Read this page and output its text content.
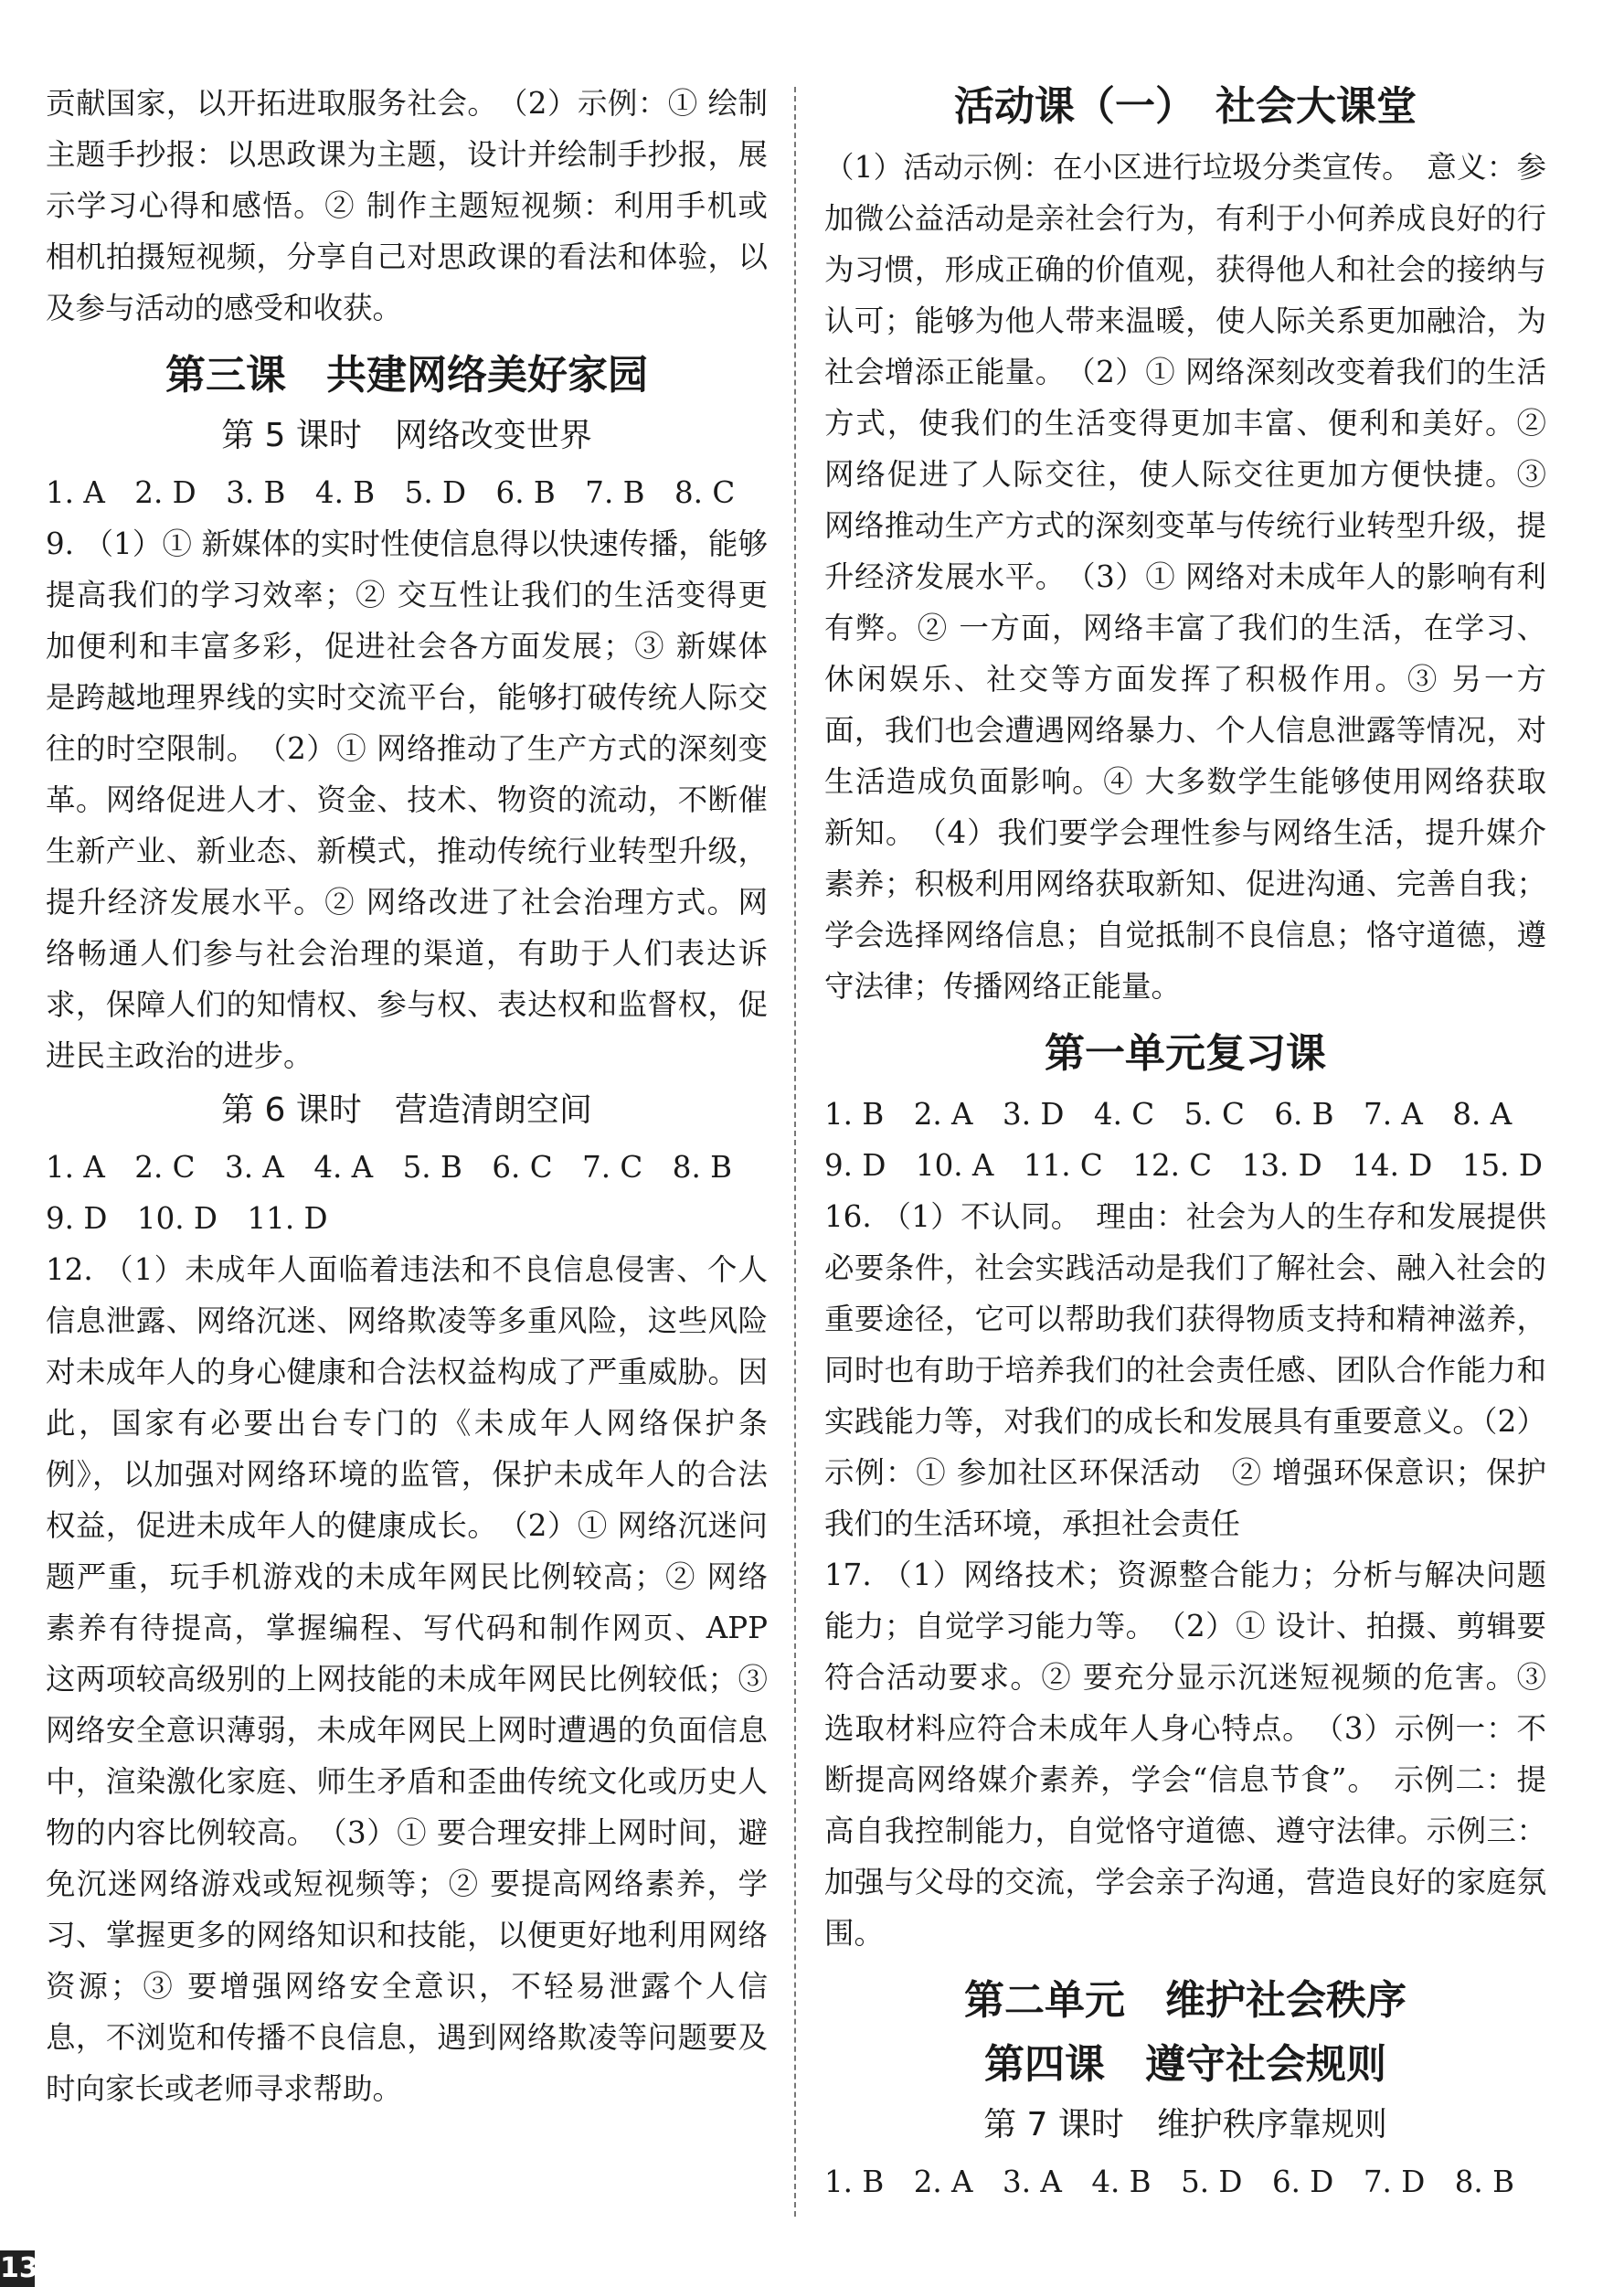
贡献国家，以开拓进取服务社会。　（2）示例：① 绘制主题手抄报：以思政课为主题，设计并绘制手抄报，展示学习心得和感悟。② 制作主题短视频：利用手机或相机拍摄短视频，分享自己对思政课的看法和体验，以及参与活动的感受和收获。

第三课　共建网络美好家园
第 5 课时　网络改变世界

1. A　2. D　3. B　4. B　5. D　6. B　7. B　8. C

9. （1）① 新媒体的实时性使信息得以快速传播，能够提高我们的学习效率；② 交互性让我们的生活变得更加便利和丰富多彩，促进社会各方面发展；③ 新媒体是跨越地理界线的实时交流平台，能够打破传统人际交往的时空限制。　（2）① 网络推动了生产方式的深刻变革。网络促进人才、资金、技术、物资的流动，不断催生新产业、新业态、新模式，推动传统行业转型升级，提升经济发展水平。② 网络改进了社会治理方式。网络畅通人们参与社会治理的渠道，有助于人们表达诉求，保障人们的知情权、参与权、表达权和监督权，促进民主政治的进步。

第 6 课时　营造清朗空间

1. A　2. C　3. A　4. A　5. B　6. C　7. C　8. B

9. D　10. D　11. D

12. （1）未成年人面临着违法和不良信息侵害、个人信息泄露、网络沉迷、网络欺凌等多重风险，这些风险对未成年人的身心健康和合法权益构成了严重威胁。因此，国家有必要出台专门的《未成年人网络保护条例》，以加强对网络环境的监管，保护未成年人的合法权益，促进未成年人的健康成长。　（2）① 网络沉迷问题严重，玩手机游戏的未成年网民比例较高；② 网络素养有待提高，掌握编程、写代码和制作网页、APP 这两项较高级别的上网技能的未成年网民比例较低；③ 网络安全意识薄弱，未成年网民上网时遭遇的负面信息中，渲染激化家庭、师生矛盾和歪曲传统文化或历史人物的内容比例较高。　（3）① 要合理安排上网时间，避免沉迷网络游戏或短视频等；② 要提高网络素养，学习、掌握更多的网络知识和技能，以便更好地利用网络资源；③ 要增强网络安全意识，不轻易泄露个人信息，不浏览和传播不良信息，遇到网络欺凌等问题要及时向家长或老师寻求帮助。

活动课（一）　社会大课堂

（1）活动示例：在小区进行垃圾分类宣传。　意义：参加微公益活动是亲社会行为，有利于小何养成良好的行为习惯，形成正确的价值观，获得他人和社会的接纳与认可；能够为他人带来温暖，使人际关系更加融洽，为社会增添正能量。　（2）① 网络深刻改变着我们的生活方式，使我们的生活变得更加丰富、便利和美好。② 网络促进了人际交往，使人际交往更加方便快捷。③ 网络推动生产方式的深刻变革与传统行业转型升级，提升经济发展水平。　（3）① 网络对未成年人的影响有利有弊。② 一方面，网络丰富了我们的生活，在学习、休闲娱乐、社交等方面发挥了积极作用。③ 另一方面，我们也会遭遇网络暴力、个人信息泄露等情况，对生活造成负面影响。④ 大多数学生能够使用网络获取新知。　（4）我们要学会理性参与网络生活，提升媒介素养；积极利用网络获取新知、促进沟通、完善自我；学会选择网络信息；自觉抵制不良信息；恪守道德，遵守法律；传播网络正能量。

第一单元复习课

1. B　2. A　3. D　4. C　5. C　6. B　7. A　8. A

9. D　10. A　11. C　12. C　13. D　14. D　15. D

16. （1）不认同。　理由：社会为人的生存和发展提供必要条件，社会实践活动是我们了解社会、融入社会的重要途径，它可以帮助我们获得物质支持和精神滋养，同时也有助于培养我们的社会责任感、团队合作能力和实践能力等，对我们的成长和发展具有重要意义。（2）示例：① 参加社区环保活动　② 增强环保意识；保护我们的生活环境，承担社会责任

17. （1）网络技术；资源整合能力；分析与解决问题能力；自觉学习能力等。　（2）① 设计、拍摄、剪辑要符合活动要求。② 要充分显示沉迷短视频的危害。③ 选取材料应符合未成年人身心特点。　（3）示例一：不断提高网络媒介素养，学会“信息节食”。　示例二：提高自我控制能力，自觉恪守道德、遵守法律。示例三：加强与父母的交流，学会亲子沟通，营造良好的家庭氛围。

第二单元　维护社会秩序
第四课　遵守社会规则
第 7 课时　维护秩序靠规则

1. B　2. A　3. A　4. B　5. D　6. D　7. D　8. B

13
